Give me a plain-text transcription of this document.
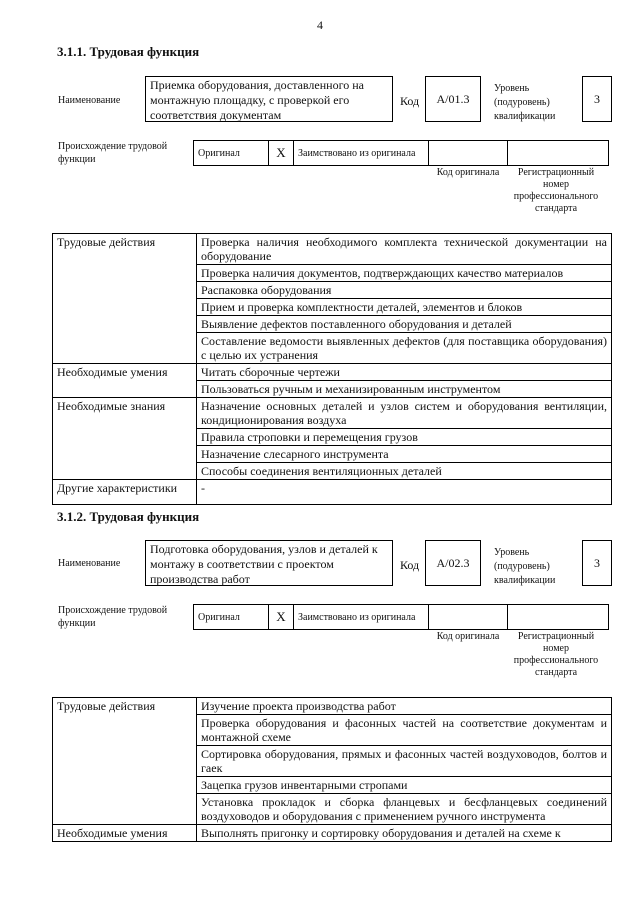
4
3.1.1. Трудовая функция
Наименование
Приемка оборудования, доставленного на монтажную площадку, с проверкой его соответствия документам
Код	A/01.3
Уровень (подуровень) квалификации
3
Происхождение трудовой функции
Оригинал	X	Заимствовано из оригинала		
Код оригинала	Регистрационный номер профессионального стандарта
Трудовые действия	Проверка наличия необходимого комплекта технической документации на оборудование
	Проверка наличия документов, подтверждающих качество материалов
	Распаковка оборудования
	Прием и проверка комплектности деталей, элементов и блоков
	Выявление дефектов поставленного оборудования и деталей
	Составление ведомости выявленных дефектов (для поставщика оборудования) с целью их устранения
Необходимые умения	Читать сборочные чертежи
	Пользоваться ручным и механизированным инструментом
Необходимые знания	Назначение основных деталей и узлов систем и оборудования вентиляции, кондиционирования воздуха
	Правила строповки и перемещения грузов
	Назначение слесарного инструмента
	Способы соединения вентиляционных деталей
Другие характеристики	-
3.1.2. Трудовая функция
Наименование
Подготовка оборудования, узлов и деталей к монтажу в соответствии с проектом производства работ
Код	A/02.3
Уровень (подуровень) квалификации
3
Происхождение трудовой функции
Оригинал	X	Заимствовано из оригинала		
Код оригинала	Регистрационный номер профессионального стандарта
Трудовые действия	Изучение проекта производства работ
	Проверка оборудования и фасонных частей на соответствие документам и монтажной схеме
	Сортировка оборудования, прямых и фасонных частей воздуховодов, болтов и гаек
	Зацепка грузов инвентарными стропами
	Установка прокладок и сборка фланцевых и бесфланцевых соединений воздуховодов и оборудования с применением ручного инструмента
Необходимые умения	Выполнять пригонку и сортировку оборудования и деталей на схеме к
